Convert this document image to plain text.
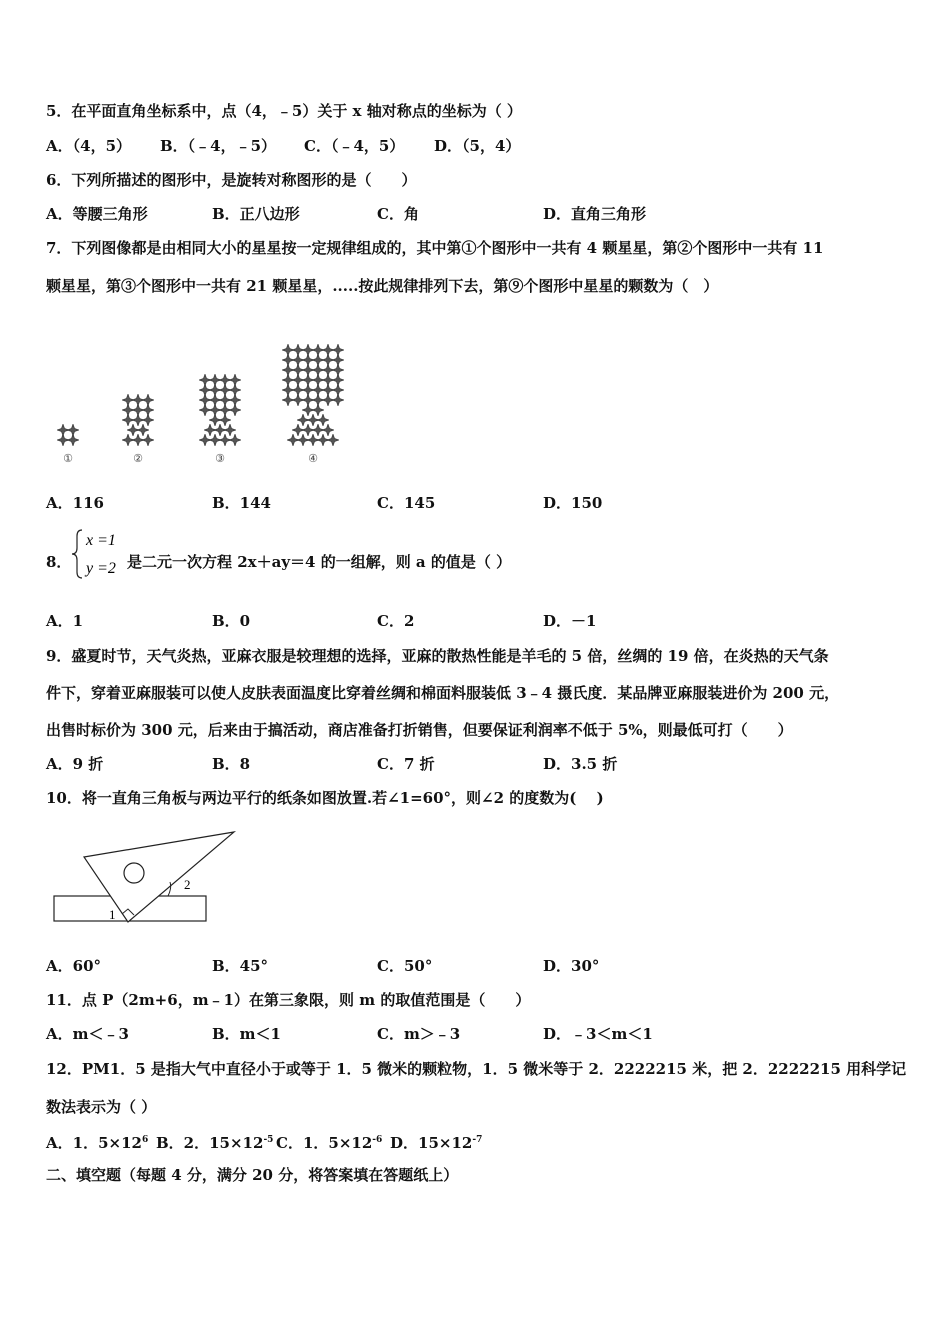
5．在平面直角坐标系中，点（4，﹣5）关于 x 轴对称点的坐标为（ ）
A．（4，5） B．（﹣4，﹣5） C．（﹣4，5） D．（5，4）
6．下列所描述的图形中，是旋转对称图形的是（　　）
A．等腰三角形	B．正八边形	C．角	D．直角三角形
7．下列图像都是由相同大小的星星按一定规律组成的，其中第①个图形中一共有 4 颗星星，第②个图形中一共有 11
颗星星，第③个图形中一共有 21 颗星星，.....按此规律排列下去，第⑨个图形中星星的颗数为（　）
①	②	③	④
A．116	B．144	C．145	D．150
8．
x =1
y =2 是二元一次方程 2x＋ay＝4 的一组解，则 a 的值是（ ）
A．1	B．0	C．2	D．－1
9．盛夏时节，天气炎热，亚麻衣服是较理想的选择，亚麻的散热性能是羊毛的 5 倍，丝绸的 19 倍，在炎热的天气条
件下，穿着亚麻服装可以使人皮肤表面温度比穿着丝绸和棉面料服装低 3﹣4 摄氏度．某品牌亚麻服装进价为 200 元，
出售时标价为 300 元，后来由于搞活动，商店准备打折销售，但要保证利润率不低于 5%，则最低可打（　　）
A．9 折	B．8	C．7 折	D．3.5 折
10．将一直角三角板与两边平行的纸条如图放置.若∠1=60°，则∠2 的度数为(　 )
1
2
A．60°	B．45°	C．50°	D．30°
11．点 P（2m+6，m﹣1）在第三象限，则 m 的取值范围是（　　）
A．m＜﹣3	B．m＜1	C．m＞﹣3	D．﹣3＜m＜1
12．PM1．5 是指大气中直径小于或等于 1．5 微米的颗粒物，1．5 微米等于 2．2222215 米，把 2．2222215 用科学记
数法表示为（ ）
A．1．$5\times 12^6$ B．2．$15\times 12^{-5}$ C．1．$5\times 12^{-6}$ D．$15\times 12^{-7}$
二、填空题（每题 4 分，满分 20 分，将答案填在答题纸上）
